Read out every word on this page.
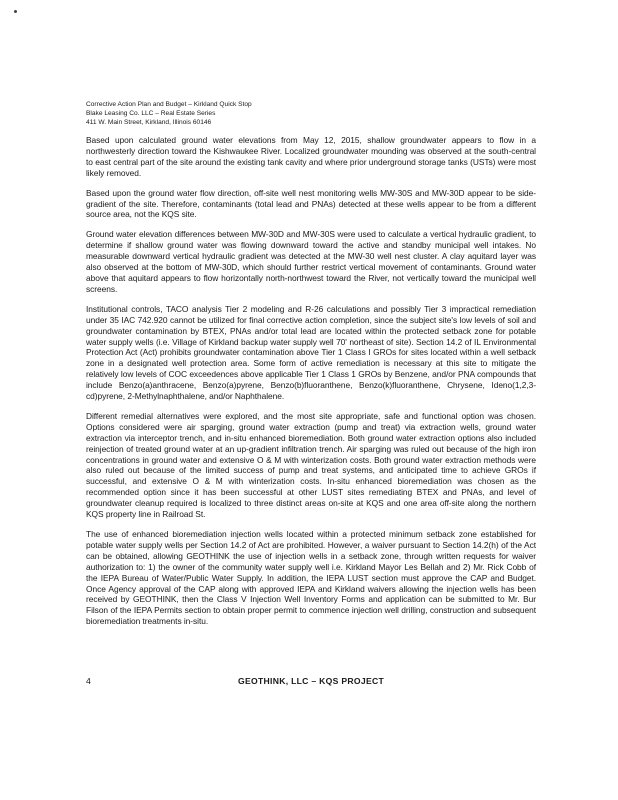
Corrective Action Plan and Budget – Kirkland Quick Stop
Blake Leasing Co. LLC – Real Estate Series
411 W. Main Street, Kirkland, Illinois 60146

Based upon calculated ground water elevations from May 12, 2015, shallow groundwater appears to flow in a northwesterly direction toward the Kishwaukee River. Localized groundwater mounding was observed at the south-central to east central part of the site around the existing tank cavity and where prior underground storage tanks (USTs) were most likely removed.

Based upon the ground water flow direction, off-site well nest monitoring wells MW-30S and MW-30D appear to be side-gradient of the site. Therefore, contaminants (total lead and PNAs) detected at these wells appear to be from a different source area, not the KQS site.

Ground water elevation differences between MW-30D and MW-30S were used to calculate a vertical hydraulic gradient, to determine if shallow ground water was flowing downward toward the active and standby municipal well intakes. No measurable downward vertical hydraulic gradient was detected at the MW-30 well nest cluster. A clay aquitard layer was also observed at the bottom of MW-30D, which should further restrict vertical movement of contaminants. Ground water above that aquitard appears to flow horizontally north-northwest toward the River, not vertically toward the municipal well screens.

Institutional controls, TACO analysis Tier 2 modeling and R-26 calculations and possibly Tier 3 impractical remediation under 35 IAC 742.920 cannot be utilized for final corrective action completion, since the subject site's low levels of soil and groundwater contamination by BTEX, PNAs and/or total lead are located within the protected setback zone for potable water supply wells (i.e. Village of Kirkland backup water supply well 70' northeast of site). Section 14.2 of IL Environmental Protection Act (Act) prohibits groundwater contamination above Tier 1 Class I GROs for sites located within a well setback zone in a designated well protection area. Some form of active remediation is necessary at this site to mitigate the relatively low levels of COC exceedences above applicable Tier 1 Class 1 GROs by Benzene, and/or PNA compounds that include Benzo(a)anthracene, Benzo(a)pyrene, Benzo(b)fluoranthene, Benzo(k)fluoranthene, Chrysene, Ideno(1,2,3-cd)pyrene, 2-Methylnaphthalene, and/or Naphthalene.

Different remedial alternatives were explored, and the most site appropriate, safe and functional option was chosen. Options considered were air sparging, ground water extraction (pump and treat) via extraction wells, ground water extraction via interceptor trench, and in-situ enhanced bioremediation. Both ground water extraction options also included reinjection of treated ground water at an up-gradient infiltration trench. Air sparging was ruled out because of the high iron concentrations in ground water and extensive O & M with winterization costs. Both ground water extraction methods were also ruled out because of the limited success of pump and treat systems, and anticipated time to achieve GROs if successful, and extensive O & M with winterization costs. In-situ enhanced bioremediation was chosen as the recommended option since it has been successful at other LUST sites remediating BTEX and PNAs, and level of groundwater cleanup required is localized to three distinct areas on-site at KQS and one area off-site along the northern KQS property line in Railroad St.

The use of enhanced bioremediation injection wells located within a protected minimum setback zone established for potable water supply wells per Section 14.2 of Act are prohibited. However, a waiver pursuant to Section 14.2(h) of the Act can be obtained, allowing GEOTHINK the use of injection wells in a setback zone, through written requests for waiver authorization to: 1) the owner of the community water supply well i.e. Kirkland Mayor Les Bellah and 2) Mr. Rick Cobb of the IEPA Bureau of Water/Public Water Supply. In addition, the IEPA LUST section must approve the CAP and Budget. Once Agency approval of the CAP along with approved IEPA and Kirkland waivers allowing the injection wells has been received by GEOTHINK, then the Class V Injection Well Inventory Forms and application can be submitted to Mr. Bur Filson of the IEPA Permits section to obtain proper permit to commence injection well drilling, construction and subsequent bioremediation treatments in-situ.

4	GEOTHINK, LLC – KQS PROJECT
